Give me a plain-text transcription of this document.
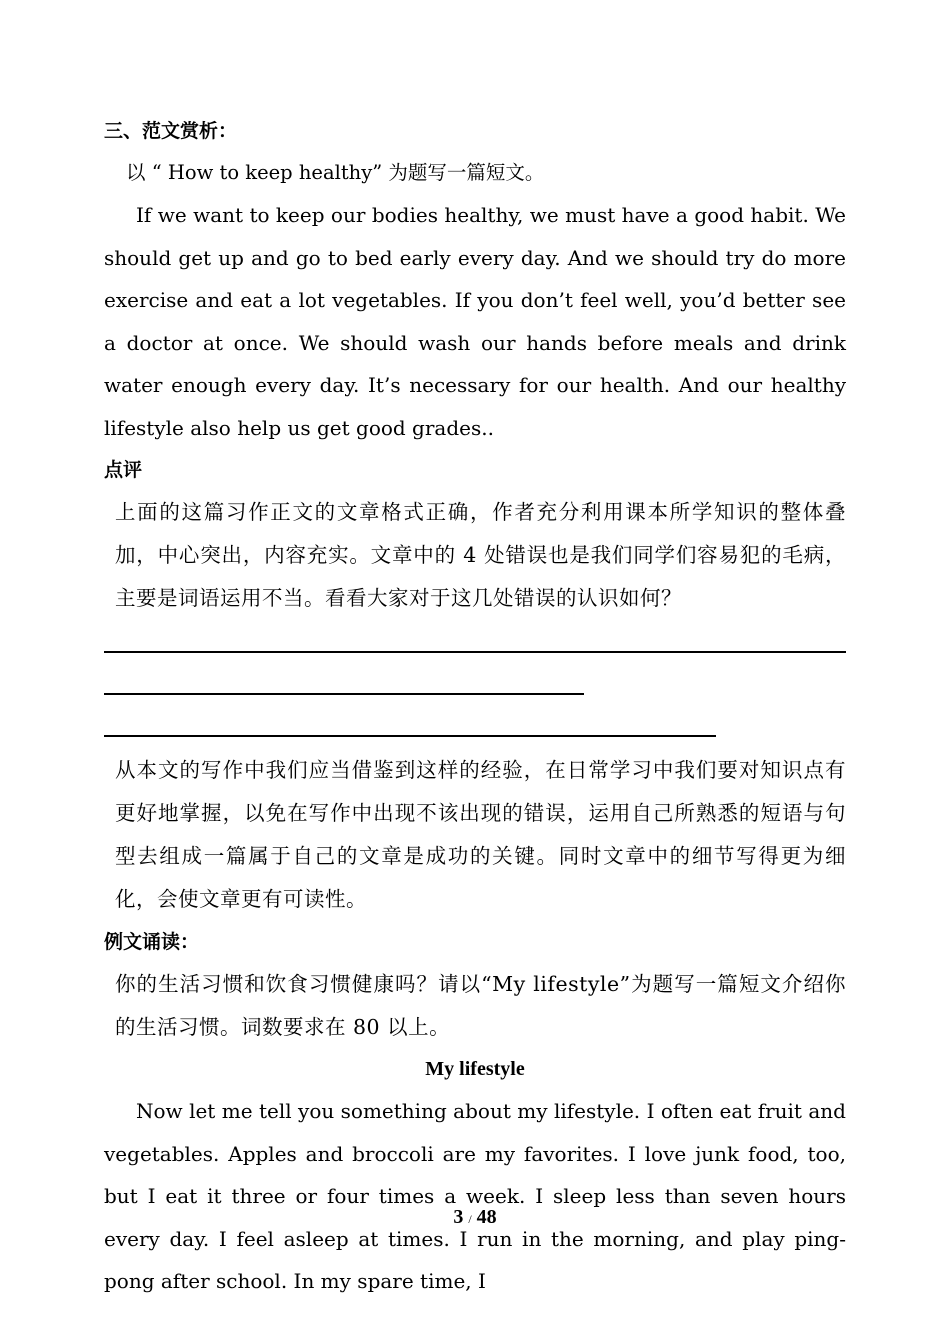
三、范文赏析：
以 “ How to keep healthy” 为题写一篇短文。
If we want to keep our bodies healthy, we must have a good habit. We should get up and go to bed early every day. And we should try do more exercise and eat a lot vegetables. If you don’t feel well, you’d better see a doctor at once. We should wash our hands before meals and drink water enough every day. It’s necessary for our health. And our healthy lifestyle also help us get good grades..
点评
上面的这篇习作正文的文章格式正确，作者充分利用课本所学知识的整体叠加，中心突出，内容充实。文章中的 4 处错误也是我们同学们容易犯的毛病，主要是词语运用不当。看看大家对于这几处错误的认识如何？
从本文的写作中我们应当借鉴到这样的经验，在日常学习中我们要对知识点有更好地掌握，以免在写作中出现不该出现的错误，运用自己所熟悉的短语与句型去组成一篇属于自己的文章是成功的关键。同时文章中的细节写得更为细化，会使文章更有可读性。
例文诵读：
你的生活习惯和饮食习惯健康吗？请以“My lifestyle”为题写一篇短文介绍你的生活习惯。词数要求在 80 以上。
My lifestyle
Now let me tell you something about my lifestyle. I often eat fruit and vegetables. Apples and broccoli are my favorites. I love junk food, too, but I eat it three or four times a week. I sleep less than seven hours every day. I feel asleep at times. I run in the morning, and play ping-pong after school. In my spare time, I
3 / 48
